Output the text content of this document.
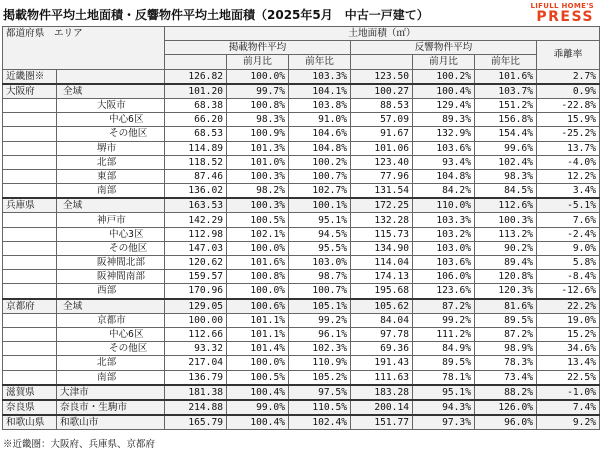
掲載物件平均土地面積・反響物件平均土地面積（2025年5月　中古一戸建て）
LIFULL HOME'S
PRESS
都道府県　エリア		土地面積（㎡）						
		掲載物件平均			反響物件平均			乖離率
			前月比	前年比		前月比	前年比	
近畿圏※		126.82	100.0%	103.3%	123.50	100.2%	101.6%	2.7%
大阪府	全域	101.20	99.7%	104.1%	100.27	100.4%	103.7%	0.9%
	大阪市	68.38	100.8%	103.8%	88.53	129.4%	151.2%	-22.8%
	中心6区	66.20	98.3%	91.0%	57.09	89.3%	156.8%	15.9%
	その他区	68.53	100.9%	104.6%	91.67	132.9%	154.4%	-25.2%
	堺市	114.89	101.3%	104.8%	101.06	103.6%	99.6%	13.7%
	北部	118.52	101.0%	100.2%	123.40	93.4%	102.4%	-4.0%
	東部	87.46	100.3%	100.7%	77.96	104.8%	98.3%	12.2%
	南部	136.02	98.2%	102.7%	131.54	84.2%	84.5%	3.4%
兵庫県	全域	163.53	100.3%	100.1%	172.25	110.0%	112.6%	-5.1%
	神戸市	142.29	100.5%	95.1%	132.28	103.3%	100.3%	7.6%
	中心3区	112.98	102.1%	94.5%	115.73	103.2%	113.2%	-2.4%
	その他区	147.03	100.0%	95.5%	134.90	103.0%	90.2%	9.0%
	阪神間北部	120.62	101.6%	103.0%	114.04	103.6%	89.4%	5.8%
	阪神間南部	159.57	100.8%	98.7%	174.13	106.0%	120.8%	-8.4%
	西部	170.96	100.0%	100.7%	195.68	123.6%	120.3%	-12.6%
京都府	全域	129.05	100.6%	105.1%	105.62	87.2%	81.6%	22.2%
	京都市	100.00	101.1%	99.2%	84.04	99.2%	89.5%	19.0%
	中心6区	112.66	101.1%	96.1%	97.78	111.2%	87.2%	15.2%
	その他区	93.32	101.4%	102.3%	69.36	84.9%	98.9%	34.6%
	北部	217.04	100.0%	110.9%	191.43	89.5%	78.3%	13.4%
	南部	136.79	100.5%	105.2%	111.63	78.1%	73.4%	22.5%
滋賀県	大津市	181.38	100.4%	97.5%	183.28	95.1%	88.2%	-1.0%
奈良県	奈良市・生駒市	214.88	99.0%	110.5%	200.14	94.3%	126.0%	7.4%
和歌山県	和歌山市	165.79	100.4%	102.4%	151.77	97.3%	96.0%	9.2%
※近畿圏：大阪府、兵庫県、京都府
